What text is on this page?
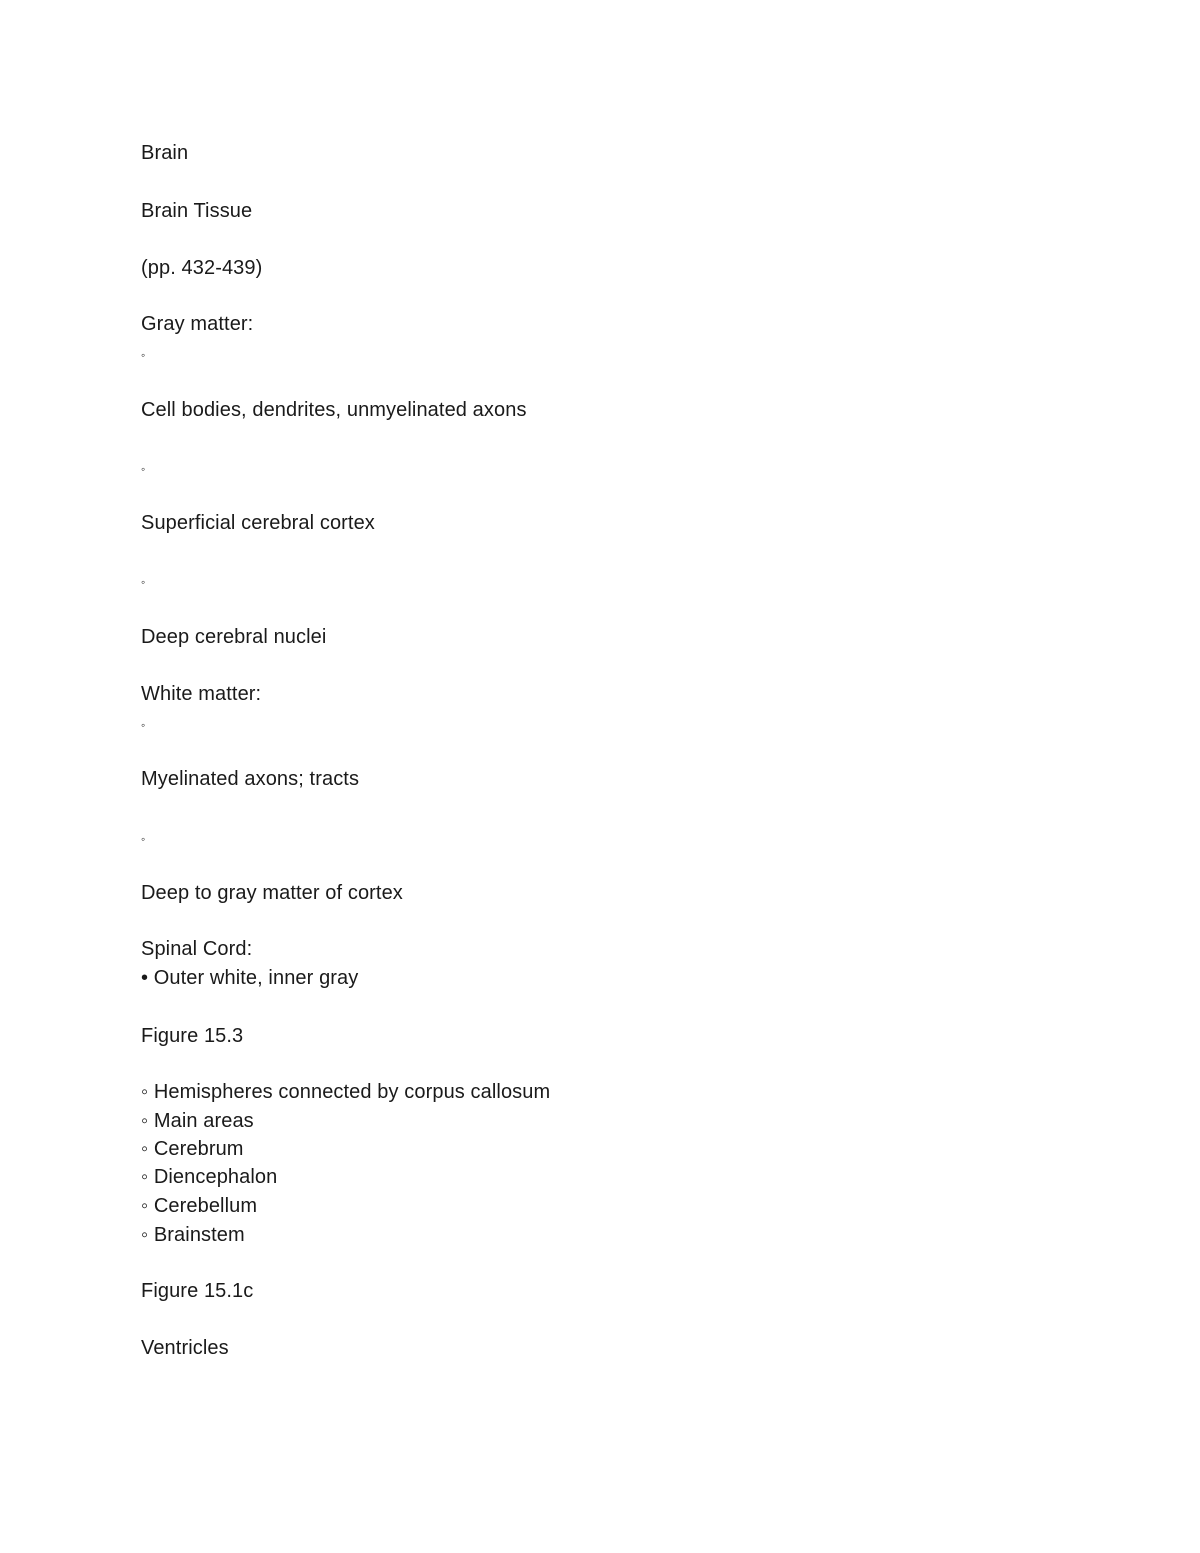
Brain
Brain Tissue
(pp. 432-439)
Gray matter:
◦
Cell bodies, dendrites, unmyelinated axons
◦
Superficial cerebral cortex
◦
Deep cerebral nuclei
White matter:
◦
Myelinated axons; tracts
◦
Deep to gray matter of cortex
Spinal Cord:
• Outer white, inner gray
Figure 15.3
◦ Hemispheres connected by corpus callosum
◦ Main areas
◦ Cerebrum
◦ Diencephalon
◦ Cerebellum
◦ Brainstem
Figure 15.1c
Ventricles
